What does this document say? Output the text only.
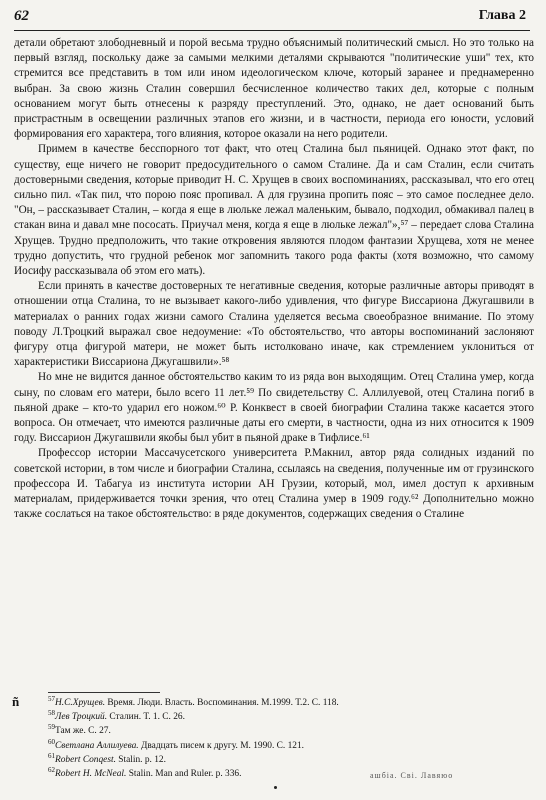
62	Глава 2

детали обретают злободневный и порой весьма трудно объяснимый политический смысл. Но это только на первый взгляд, поскольку даже за самыми мелкими деталями скрываются "политические уши" тех, кто стремится все представить в том или ином идеологическом ключе, который заранее и преднамеренно выбран. За свою жизнь Сталин совершил бесчисленное количество таких дел, которые с полным основанием могут быть отнесены к разряду преступлений. Это, однако, не дает оснований быть пристрастным в освещении различных этапов его жизни, и в частности, периода его юности, условий формирования его характера, того влияния, которое оказали на него родители.

Примем в качестве бесспорного тот факт, что отец Сталина был пьяницей. Однако этот факт, по существу, еще ничего не говорит предосудительного о самом Сталине. Да и сам Сталин, если считать достоверными сведения, которые приводит Н. С. Хрущев в своих воспоминаниях, рассказывал, что его отец сильно пил. «Так пил, что порою пояс пропивал. А для грузина пропить пояс – это самое последнее дело. "Он, – рассказывает Сталин, – когда я еще в люльке лежал маленьким, бывало, подходил, обмакивал палец в стакан вина и давал мне пососать. Приучал меня, когда я еще в люльке лежал"»,⁵⁷ – передает слова Сталина Хрущев. Трудно предположить, что такие откровения являются плодом фантазии Хрущева, хотя не менее трудно допустить, что грудной ребенок мог запомнить такого рода факты (хотя возможно, что самому Иосифу рассказывала об этом его мать).

Если принять в качестве достоверных те негативные сведения, которые различные авторы приводят в отношении отца Сталина, то не вызывает какого-либо удивления, что фигуре Виссариона Джугашвили в материалах о ранних годах жизни самого Сталина уделяется весьма своеобразное внимание. По этому поводу Л.Троцкий выражал свое недоумение: «То обстоятельство, что авторы воспоминаний заслоняют фигуру отца фигурой матери, не может быть истолковано иначе, как стремлением уклониться от характеристики Виссариона Джугашвили».⁵⁸

Но мне не видится данное обстоятельство каким то из ряда вон выходящим. Отец Сталина умер, когда сыну, по словам его матери, было всего 11 лет.⁵⁹ По свидетельству С. Аллилуевой, отец Сталина погиб в пьяной драке – кто-то ударил его ножом.⁶⁰ Р. Конквест в своей биографии Сталина также касается этого вопроса. Он отмечает, что имеются различные даты его смерти, в частности, одна из них относится к 1909 году. Виссарион Джугашвили якобы был убит в пьяной драке в Тифлисе.⁶¹

Профессор истории Массачусетского университета Р.Макнил, автор ряда солидных изданий по советской истории, в том числе и биографии Сталина, ссылаясь на сведения, полученные им от грузинского профессора И. Табагуа из института истории АН Грузии, который, мол, имел доступ к архивным материалам, придерживается точки зрения, что отец Сталина умер в 1909 году.⁶² Дополнительно можно также сослаться на такое обстоятельство: в ряде документов, содержащих сведения о Сталине

ñ	$^{57}$Н.С.Хрущев. Время. Люди. Власть. Воспоминания. М.1999. Т.2. С. 118.
$^{58}$Лев Троцкий. Сталин. Т. 1. С. 26.
$^{59}$Там же. С. 27.
$^{60}$Светлана Аллилуева. Двадцать писем к другу. М. 1990. С. 121.
$^{61}$Robert Conqest. Stalin. p. 12.
$^{62}$Robert H. McNeal. Stalin. Man and Ruler. p. 336.	ашбіа. Сві. Лавяюо
